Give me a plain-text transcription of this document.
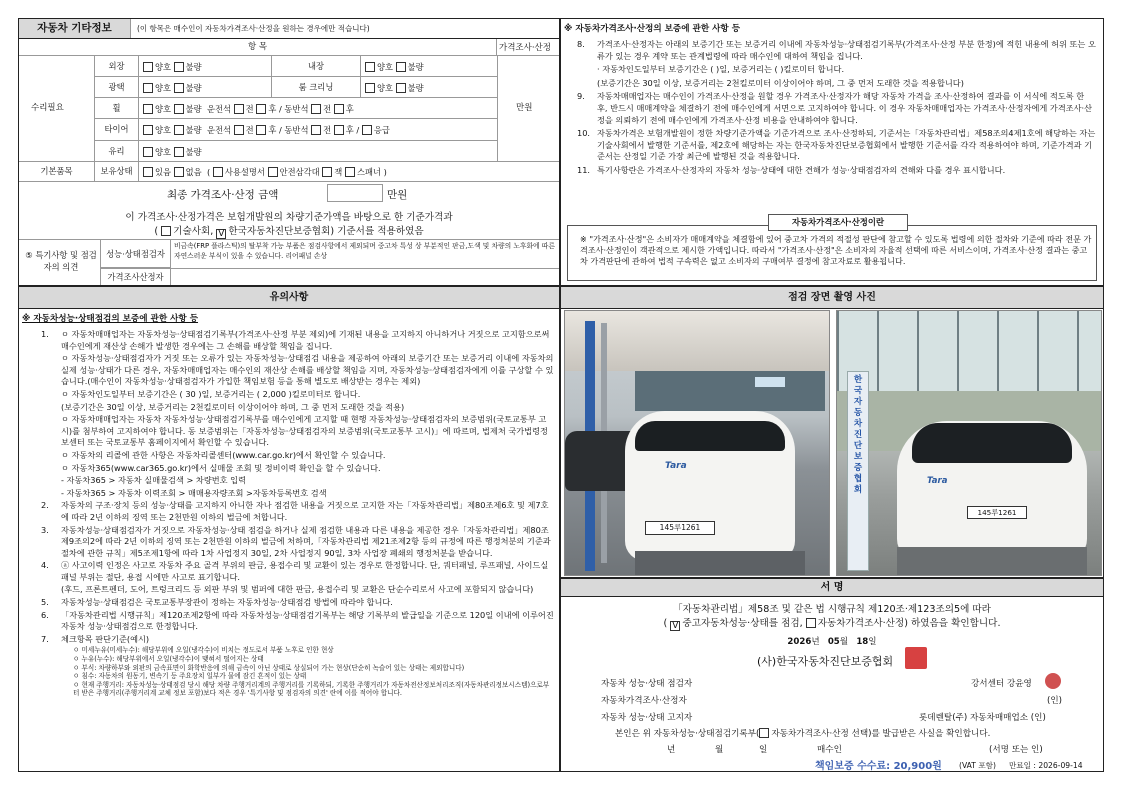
자동차 기타정보	(이 항목은 매수인이 자동차가격조사·산정을 원하는 경우에만 적습니다)
항 목	가격조사·산정
수리필요	만원
외장	양호 불량	내장	양호 불량
광택	양호 불량	룸 크리닝	양호 불량
휠	양호 불량 운전석 전 후 / 동반석 전 후
타이어	양호 불량 운전석 전 후 / 동반석 전 후 / 응급
유리	양호 불량
기본품목	보유상태	있음 없음  ( 사용설명서 안전삼각대 잭 스패너 )
최종 가격조사·산정 금액	만원
이 가격조사·산정가격은 보험개발원의 차량기준가액을 바탕으로 한 기준가격과
( 기술사회, V 한국자동차진단보증협회) 기준서를 적용하였음
⑤ 특기사항 및 점검자의 의견
성능·상태점검자
비금속(FRP 플라스틱)의 탈부착 가능 부품은 점검사항에서 제외되며 중고차 특성 상 부분적인 판금,도색 및 차량의 노후화에 따른 자연스러운 부식이 있을 수 있습니다. 리어패널 손상
가격조사산정자
※ 자동차가격조사·산정의 보증에 관한 사항 등
8. 가격조사·산정자는 아래의 보증기간 또는 보증거리 이내에 자동차성능·상태점검기록부(가격조사·산정 부분 한정)에 적힌 내용에 허위 또는 오류가 있는 경우 계약 또는 관계법령에 따라 매수인에 대하여 책임을 집니다.
· 자동차인도일부터 보증기간은 ( )일, 보증거리는 ( )킬로미터 합니다.
(보증기간은 30일 이상, 보증거리는 2천킬로미터 이상이어야 하며, 그 중 먼저 도래한 것을 적용합니다)
9. 자동차매매업자는 매수인이 가격조사·산정을 원할 경우 가격조사·산정자가 해당 자동차 가격을 조사·산정하여 결과를 이 서식에 적도록 한 후, 반드시 매매계약을 체결하기 전에 매수인에게 서면으로 고지하여야 합니다. 이 경우 자동차매매업자는 가격조사·산정자에게 가격조사·산정을 의뢰하기 전에 매수인에게 가격조사·산정 비용을 안내하여야 합니다.
10. 자동차가격은 보험개발원이 정한 차량기준가액을 기준가격으로 조사·산정하되, 기준서는「자동차관리법」제58조의4제1호에 해당하는 자는 기술사회에서 발행한 기준서를, 제2호에 해당하는 자는 한국자동차진단보증협회에서 발행한 기준서를 각각 적용하여야 하며, 기준가격과 기준서는 산정일 기준 가장 최근에 발행된 것을 적용합니다.
11. 특기사항란은 가격조사·산정자의 자동차 성능·상태에 대한 견해가 성능·상태점검자의 견해와 다를 경우 표시합니다.
자동차가격조사·산정이란
※ "가격조사·산정"은 소비자가 매매계약을 체결함에 있어 중고차 가격의 적절성 판단에 참고할 수 있도록 법령에 의한 절차와 기준에 따라 전문 가격조사·산정인이 객관적으로 제시한 가액입니다. 따라서 "가격조사·산정"은 소비자의 자율적 선택에 따른 서비스이며, 가격조사·산정 결과는 중고차 가격판단에 관하여 법적 구속력은 없고 소비자의 구매여부 결정에 참고자료로 활용됩니다.
유의사항
※ 자동차성능·상태점검의 보증에 관한 사항 등
1. ㅇ 자동차매매업자는 자동차성능·상태점검기록부(가격조사·산정 부분 제외)에 기재된 내용을 고지하지 아니하거나 거짓으로 고지함으로써 매수인에게 재산상 손해가 발생한 경우에는 그 손해를 배상할 책임을 집니다.
ㅇ 자동차성능·상태점검자가 거짓 또는 오류가 있는 자동차성능·상태점검 내용을 제공하여 아래의 보증기간 또는 보증거리 이내에 자동차의 실제 성능·상태가 다른 경우, 자동차매매업자는 매수인의 재산상 손해를 배상할 책임을 지며, 자동차성능·상태점검자에게 이를 구상할 수 있습니다.(매수인이 자동차성능·상태점검자가 가입한 책임보험 등을 통해 별도로 배상받는 경우는 제외)
ㅇ 자동차인도일부터 보증기간은 ( 30 )일, 보증거리는 ( 2,000 )킬로미터로 합니다.
(보증기간은 30일 이상, 보증거리는 2천킬로미터 이상이어야 하며, 그 중 먼저 도래한 것을 적용)
ㅇ 자동차매매업자는 자동차 자동차성능·상태점검기록부를 매수인에게 고지할 때 현행 자동차성능·상태점검자의 보증범위(국토교통부 고시)를 첨부하여 고지하여야 합니다. 동 보증범위는「자동차성능·상태점검자의 보증범위(국토교통부 고시)」에 따르며, 법제처 국가법령정보센터 또는 국토교통부 홈페이지에서 확인할 수 있습니다.
ㅇ 자동차의 리콜에 관한 사항은 자동차리콜센터(www.car.go.kr)에서 확인할 수 있습니다.
ㅇ 자동차365(www.car365.go.kr)에서 실매물 조회 및 정비이력 확인을 할 수 있습니다.
- 자동차365 > 자동차 실매물검색 > 차량번호 입력
- 자동차365 > 자동차 이력조회 > 매매용자량조회 >자동차등록번호 검색
2. 자동차의 구조·장치 등의 성능·상태를 고지하지 아니한 자나 점검한 내용을 거짓으로 고지한 자는「자동차관리법」제80조제6호 및 제7호에 따라 2년 이하의 징역 또는 2천만원 이하의 벌금에 처합니다.
3. 자동차성능·상태점검자가 거짓으로 자동차성능·상태 점검을 하거나 실제 점검한 내용과 다른 내용을 제공한 경우「자동차관리법」제80조제9조의2에 따라 2년 이하의 징역 또는 2천만원 이하의 벌금에 처하며,「자동차관리법 제21조제2항 등의 규정에 따른 행정처분의 기준과 절차에 관한 규칙」제5조제1항에 따라 1차 사업정지 30일, 2차 사업정지 90일, 3차 사업장 폐쇄의 행정처분을 받습니다.
4. ⓐ 사고이력 인정은 사고로 자동차 주요 골격 부위의 판금, 용접수리 및 교환이 있는 경우로 한정합니다. 단, 쿼터패널, 루프패널, 사이드실패널 부위는 절단, 용접 시에만 사고로 표기합니다.
(후드, 프론트펜더, 도어, 트렁크리드 등 외판 부위 및 범퍼에 대한 판금, 용접수리 및 교환은 단순수리로서 사고에 포함되지 않습니다)
5. 자동차성능·상태점검은 국토교통부장관이 정하는 자동차성능·상태점검 방법에 따라야 합니다.
6. 「자동차관리법 시행규칙」제120조제2항에 따라 자동차성능·상태점검기록부는 해당 기록부의 발급일을 기준으로 120일 이내에 이루어진 자동차 성능·상태점검으로 한정합니다.
7. 체크항목 판단기준(예시)
ㅇ 미세누유(미세누수): 해당부위에 오일(냉각수)이 비치는 정도로서 부품 노후로 인한 현상
ㅇ 누유(누수): 해당부위에서 오일(냉각수)이 맺혀서 떨어지는 상태
ㅇ 부식: 차량하부와 외판의 금속표면이 화학반응에 의해 금속이 아닌 상태로 상실되어 가는 현상(단순히 녹슬어 있는 상태는 제외합니다)
ㅇ 침수: 자동차의 원동기, 변속기 등 주요장치 일부가 물에 잠긴 흔적이 있는 상태
ㅇ 현재 주행거리: 자동차성능·상태점검 당시 해당 차량 주행거리계의 주행거리를 기록하되, 기록한 주행거리가 자동차전산정보처리조직(자동차관리정보시스템)으로부터 받은 주행거리(주행거리계 교체 정보 포함)보다 적은 경우 '특기사항 및 점검자의 의견' 란에 이를 적어야 합니다.
점검 장면 촬영 사진
Tara
145루1261
한국자동차진단보증협회
Tara
145루1261
서 명
「자동차관리법」제58조 및 같은 법 시행규칙 제120조·제123조의5에 따라
( V 중고자동차성능·상태를 점검, 자동차가격조사·산정) 하였음을 확인합니다.
2026년 05월 18일
(사)한국자동차진단보증협회
자동차 성능·상태 점검자	강서센터 강윤영
자동차가격조사·산정자	(인)
자동차 성능·상태 고지자	롯데렌탈(주) 자동차매매업소 (인)
본인은 위 자동차성능·상태점검기록부( 자동차가격조사·산정 선택)를 발급받은 사실을 확인합니다.
년	월	일	매수인	(서명 또는 인)
책임보증 수수료: 20,900원 (VAT 포함) 만료일 : 2026-09-14
